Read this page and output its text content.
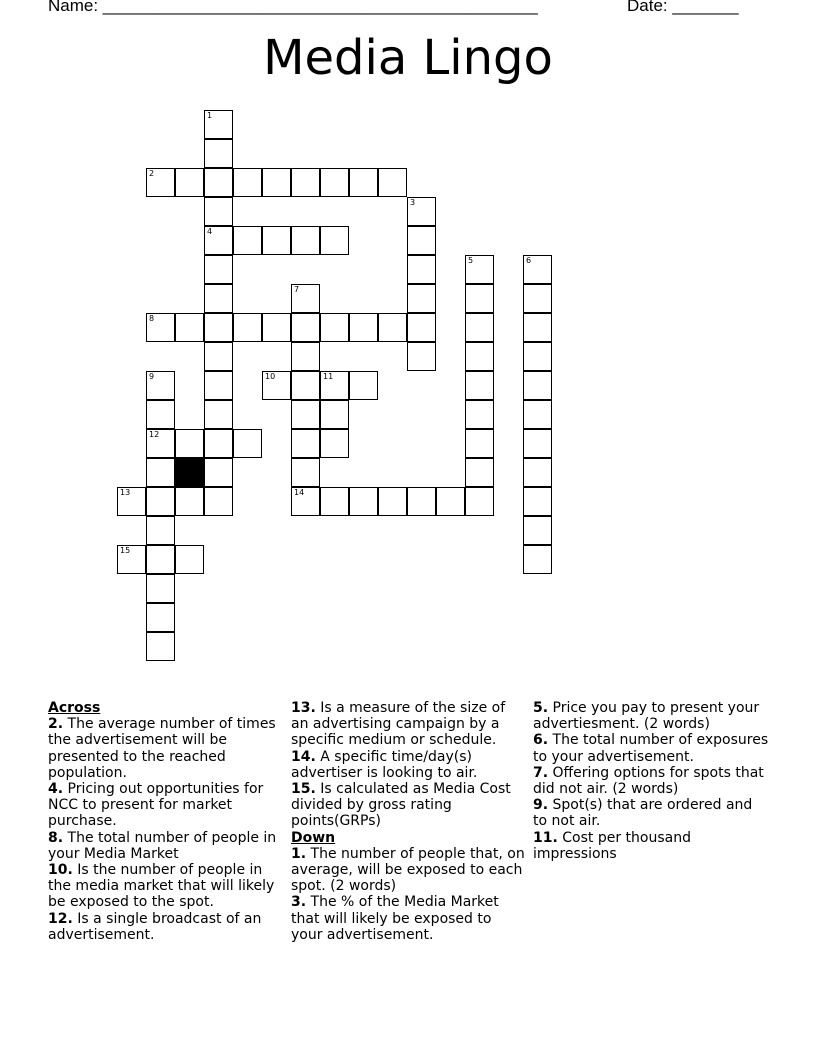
Name: ______________________________________________	Date: _______
Media Lingo
1
2
3
4
5	6
7
8
9	10	11
12
13	14
15
Across
2. The average number of times the advertisement will be presented to the reached population.
4. Pricing out opportunities for NCC to present for market purchase.
8. The total number of people in your Media Market
10. Is the number of people in the media market that will likely be exposed to the spot.
12. Is a single broadcast of an advertisement.
13. Is a measure of the size of an advertising campaign by a specific medium or schedule.
14. A specific time/day(s) advertiser is looking to air.
15. Is calculated as Media Cost divided by gross rating points(GRPs)
Down
1. The number of people that, on average, will be exposed to each spot. (2 words)
3. The % of the Media Market that will likely be exposed to your advertisement.
5. Price you pay to present your advertiesment. (2 words)
6. The total number of exposures to your advertisement.
7. Offering options for spots that did not air. (2 words)
9. Spot(s) that are ordered and to not air.
11. Cost per thousand impressions
